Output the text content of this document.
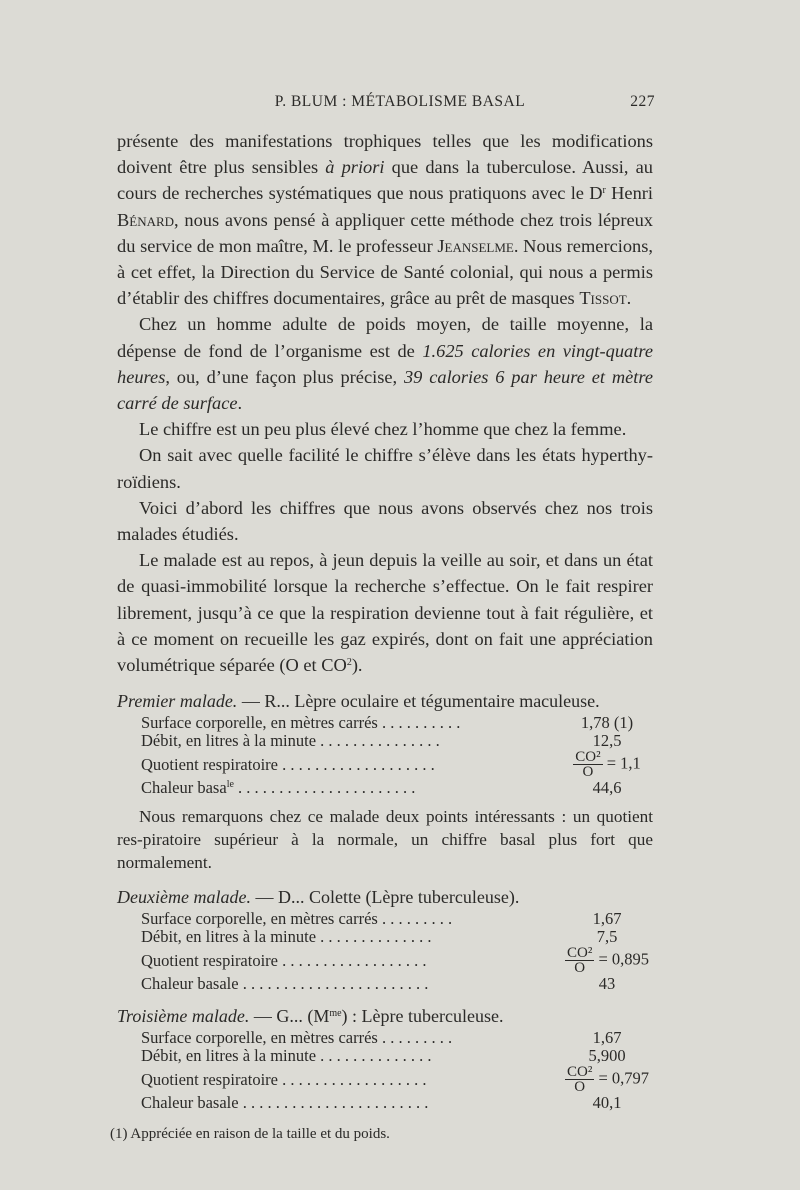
P. BLUM : MÉTABOLISME BASAL	227

présente des manifestations trophiques telles que les modifications doivent être plus sensibles à priori que dans la tuberculose. Aussi, au cours de recherches systématiques que nous pratiquons avec le $D^r$ Henri Bénard, nous avons pensé à appliquer cette méthode chez trois lépreux du service de mon maître, M. le professeur Jeanselme. Nous remercions, à cet effet, la Direction du Service de Santé colonial, qui nous a permis d’établir des chiffres documentaires, grâce au prêt de masques Tissot.

Chez un homme adulte de poids moyen, de taille moyenne, la dépense de fond de l’organisme est de 1.625 calories en vingt-quatre heures, ou, d’une façon plus précise, 39 calories 6 par heure et mètre carré de surface.

Le chiffre est un peu plus élevé chez l’homme que chez la femme.

On sait avec quelle facilité le chiffre s’élève dans les états hyperthy-roïdiens.

Voici d’abord les chiffres que nous avons observés chez nos trois malades étudiés.

Le malade est au repos, à jeun depuis la veille au soir, et dans un état de quasi-immobilité lorsque la recherche s’effectue. On le fait respirer librement, jusqu’à ce que la respiration devienne tout à fait régulière, et à ce moment on recueille les gaz expirés, dont on fait une appréciation volumétrique séparée (O et $CO^2$).

Premier malade. — R... Lèpre oculaire et tégumentaire maculeuse.
Surface corporelle, en mètres carrés . . . . . . . . . .	1,78 (1)
Débit, en litres à la minute . . . . . . . . . . . . . . .	12,5
Quotient respiratoire . . . . . . . . . . . . . . . . . . .	$\frac{\text{CO²}}{O} = 1,1$
Chaleur basa$^{le}$ . . . . . . . . . . . . . . . . . . . . . .	44,6
Nous remarquons chez ce malade deux points intéressants : un quotient res-piratoire supérieur à la normale, un chiffre basal plus fort que normalement.
Deuxième malade. — D... Colette (Lèpre tuberculeuse).
Surface corporelle, en mètres carrés . . . . . . . . .	1,67
Débit, en litres à la minute . . . . . . . . . . . . . .	7,5
Quotient respiratoire . . . . . . . . . . . . . . . . . .	$\frac{\text{CO²}}{O} = 0,895$
Chaleur basale . . . . . . . . . . . . . . . . . . . . . . .	43
Troisième malade. — G... $(M^{me})$ : Lèpre tuberculeuse.
Surface corporelle, en mètres carrés . . . . . . . . .	1,67
Débit, en litres à la minute . . . . . . . . . . . . . .	5,900
Quotient respiratoire . . . . . . . . . . . . . . . . . .	$\frac{\text{CO²}}{O} = 0,797$
Chaleur basale . . . . . . . . . . . . . . . . . . . . . . .	40,1
(1) Appréciée en raison de la taille et du poids.
